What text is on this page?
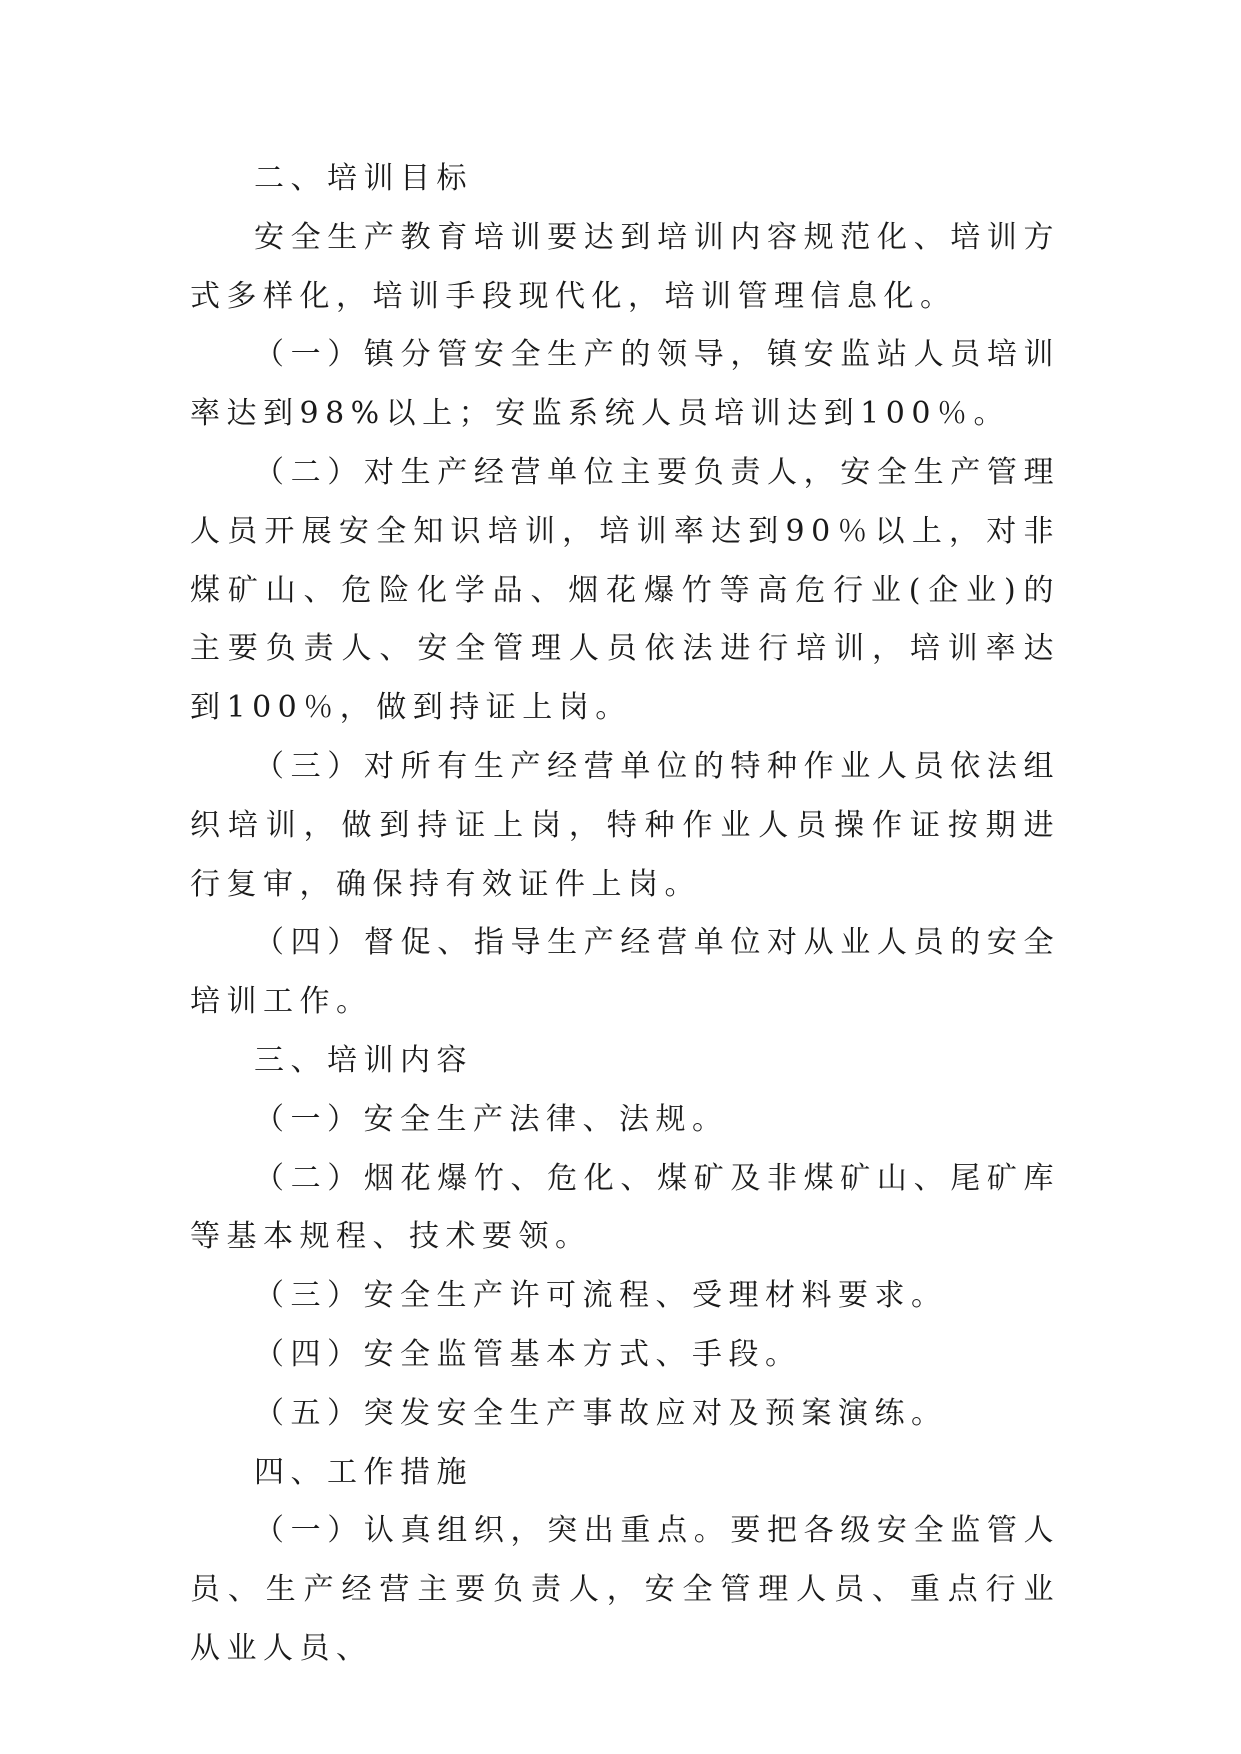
二、培训目标

安全生产教育培训要达到培训内容规范化、培训方式多样化，培训手段现代化，培训管理信息化。

（一）镇分管安全生产的领导，镇安监站人员培训率达到98%以上；安监系统人员培训达到100％。

（二）对生产经营单位主要负责人，安全生产管理人员开展安全知识培训，培训率达到90％以上，对非煤矿山、危险化学品、烟花爆竹等高危行业(企业)的主要负责人、安全管理人员依法进行培训，培训率达到100％，做到持证上岗。

（三）对所有生产经营单位的特种作业人员依法组织培训，做到持证上岗，特种作业人员操作证按期进行复审，确保持有效证件上岗。

（四）督促、指导生产经营单位对从业人员的安全培训工作。

三、培训内容

（一）安全生产法律、法规。

（二）烟花爆竹、危化、煤矿及非煤矿山、尾矿库等基本规程、技术要领。

（三）安全生产许可流程、受理材料要求。

（四）安全监管基本方式、手段。

（五）突发安全生产事故应对及预案演练。

四、工作措施

（一）认真组织，突出重点。要把各级安全监管人员、生产经营主要负责人，安全管理人员、重点行业从业人员、
